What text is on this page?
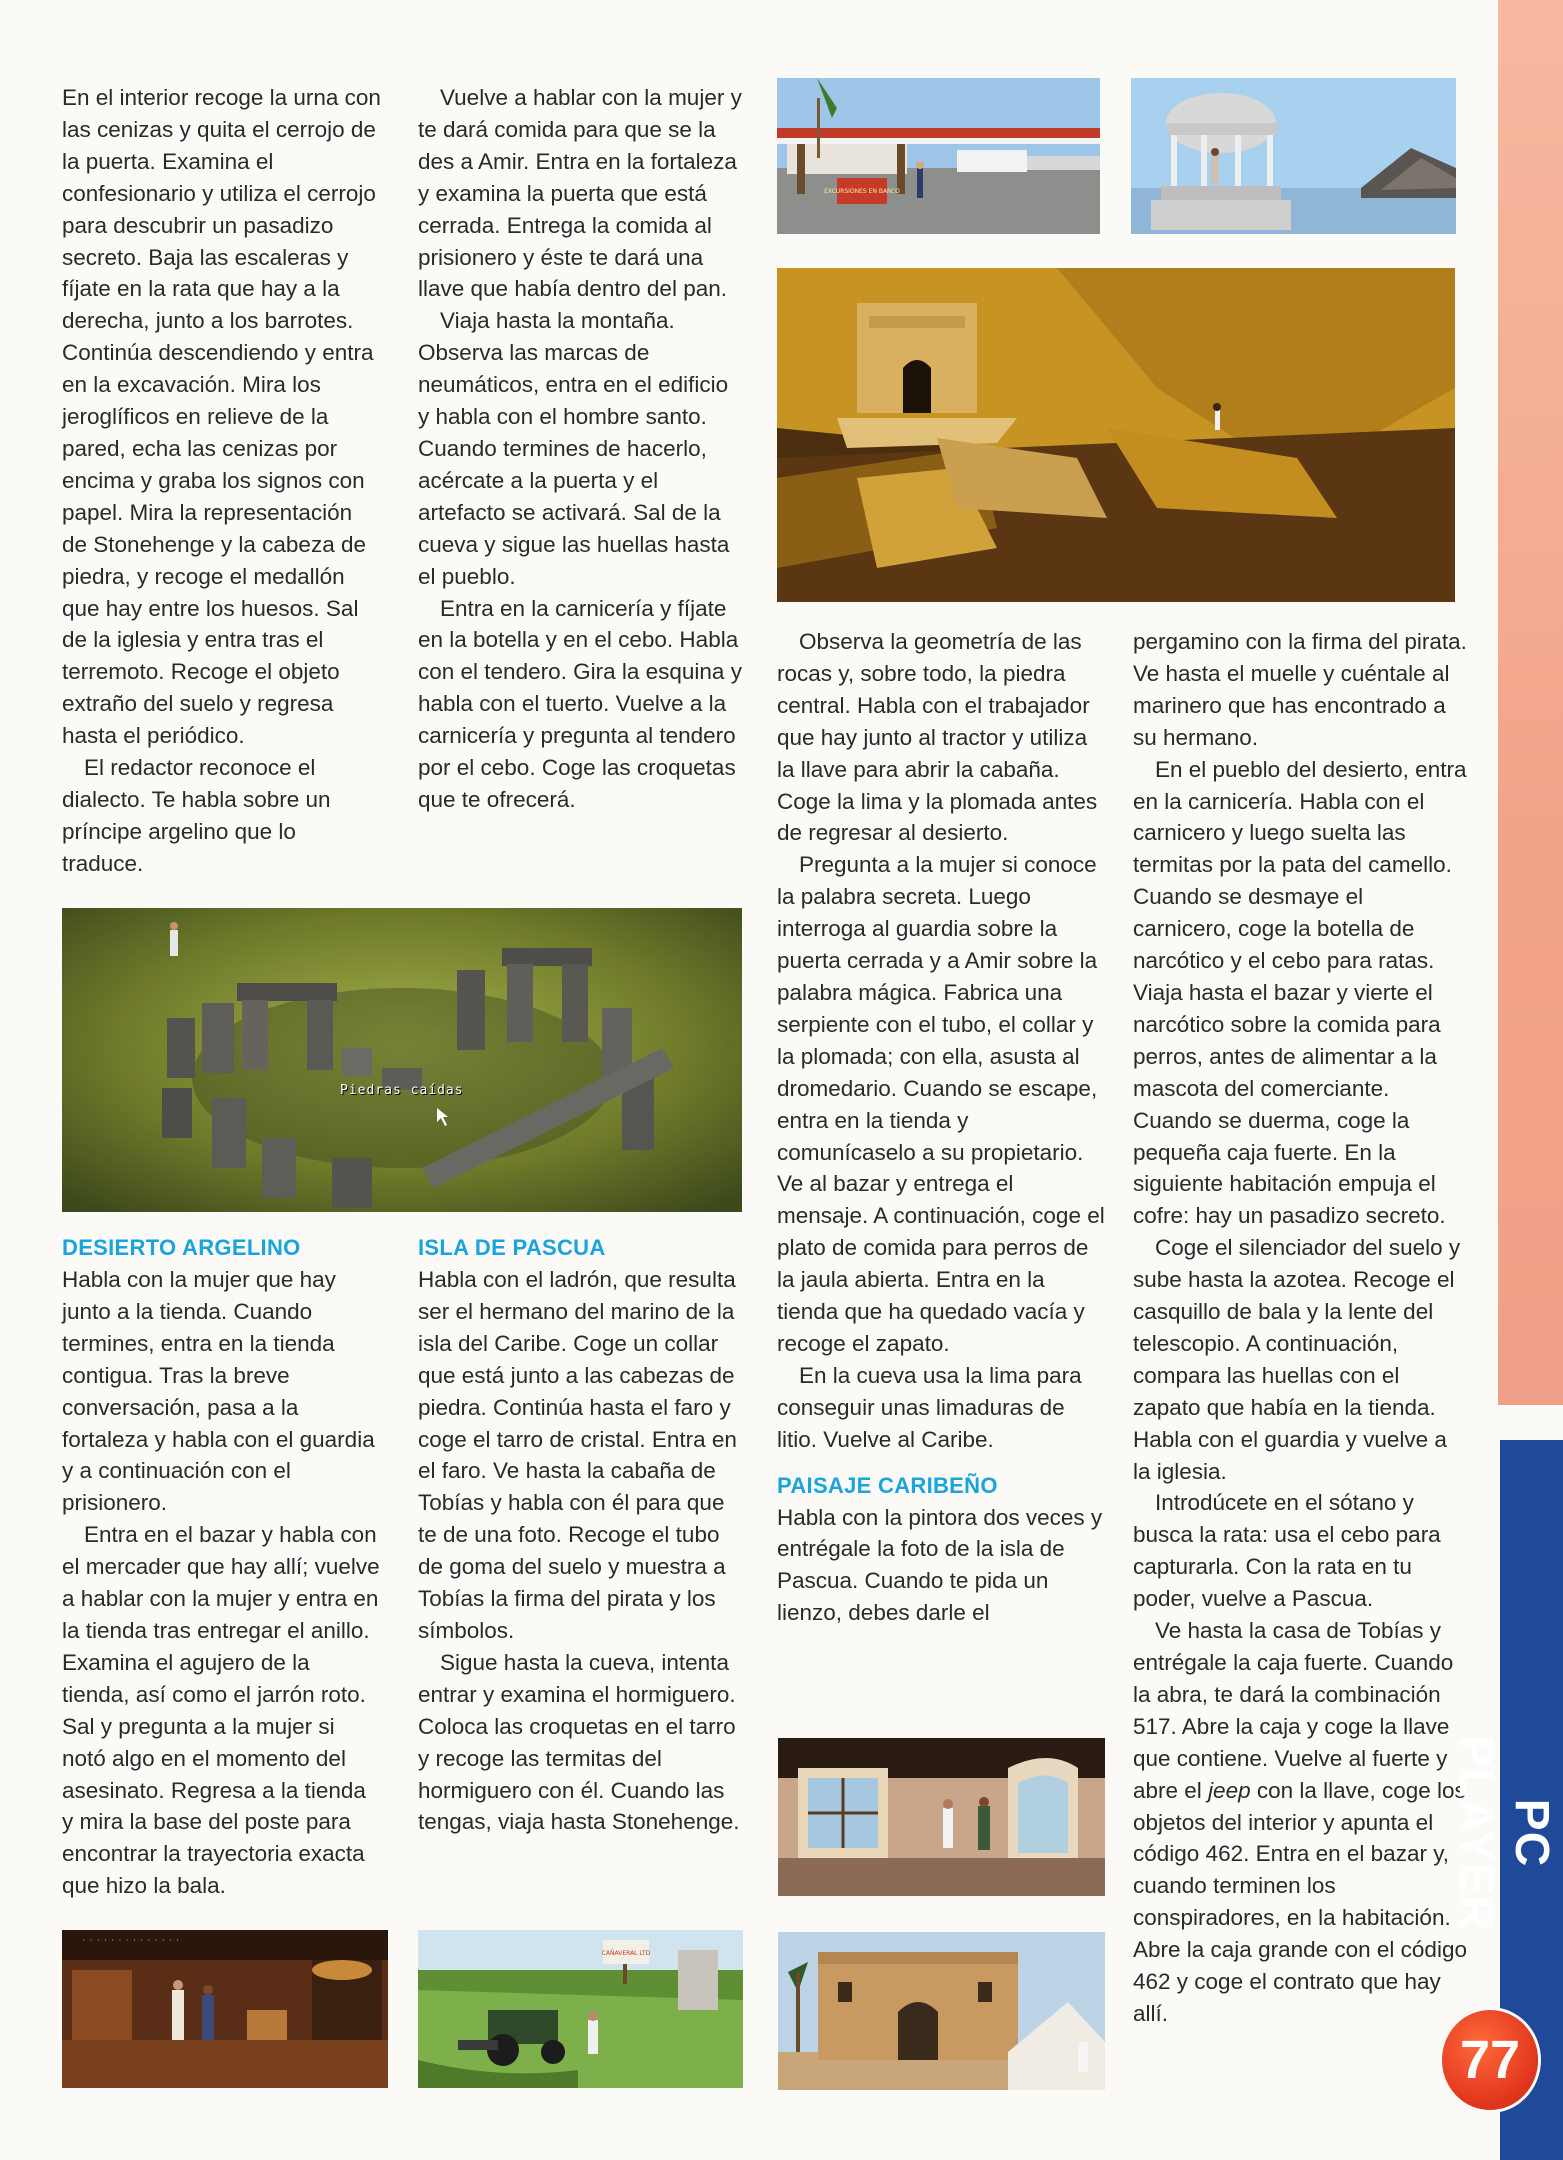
En el interior recoge la urna con las cenizas y quita el cerrojo de la puerta. Examina el confesionario y utiliza el cerrojo para descubrir un pasadizo secreto. Baja las escaleras y fíjate en la rata que hay a la derecha, junto a los barrotes. Continúa descendiendo y entra en la excavación. Mira los jeroglíficos en relieve de la pared, echa las cenizas por encima y graba los signos con papel. Mira la representación de Stonehenge y la cabeza de piedra, y recoge el medallón que hay entre los huesos. Sal de la iglesia y entra tras el terremoto. Recoge el objeto extraño del suelo y regresa hasta el periódico.

El redactor reconoce el dialecto. Te habla sobre un príncipe argelino que lo traduce.

Vuelve a hablar con la mujer y te dará comida para que se la des a Amir. Entra en la fortaleza y examina la puerta que está cerrada. Entrega la comida al prisionero y éste te dará una llave que había dentro del pan.

Viaja hasta la montaña. Observa las marcas de neumáticos, entra en el edificio y habla con el hombre santo. Cuando termines de hacerlo, acércate a la puerta y el artefacto se activará. Sal de la cueva y sigue las huellas hasta el pueblo.

Entra en la carnicería y fíjate en la botella y en el cebo. Habla con el tendero. Gira la esquina y habla con el tuerto. Vuelve a la carnicería y pregunta al tendero por el cebo. Coge las croquetas que te ofrecerá.

Observa la geometría de las rocas y, sobre todo, la piedra central. Habla con el trabajador que hay junto al tractor y utiliza la llave para abrir la cabaña. Coge la lima y la plomada antes de regresar al desierto.

Pregunta a la mujer si conoce la palabra secreta. Luego interroga al guardia sobre la puerta cerrada y a Amir sobre la palabra mágica. Fabrica una serpiente con el tubo, el collar y la plomada; con ella, asusta al dromedario. Cuando se escape, entra en la tienda y comunícaselo a su propietario. Ve al bazar y entrega el mensaje. A continuación, coge el plato de comida para perros de la jaula abierta. Entra en la tienda que ha quedado vacía y recoge el zapato.

En la cueva usa la lima para conseguir unas limaduras de litio. Vuelve al Caribe.

PAISAJE CARIBEÑO

Habla con la pintora dos veces y entrégale la foto de la isla de Pascua. Cuando te pida un lienzo, debes darle el

pergamino con la firma del pirata. Ve hasta el muelle y cuéntale al marinero que has encontrado a su hermano.

En el pueblo del desierto, entra en la carnicería. Habla con el carnicero y luego suelta las termitas por la pata del camello. Cuando se desmaye el carnicero, coge la botella de narcótico y el cebo para ratas. Viaja hasta el bazar y vierte el narcótico sobre la comida para perros, antes de alimentar a la mascota del comerciante. Cuando se duerma, coge la pequeña caja fuerte. En la siguiente habitación empuja el cofre: hay un pasadizo secreto.

Coge el silenciador del suelo y sube hasta la azotea. Recoge el casquillo de bala y la lente del telescopio. A continuación, compara las huellas con el zapato que había en la tienda. Habla con el guardia y vuelve a la iglesia.

Introdúcete en el sótano y busca la rata: usa el cebo para capturarla. Con la rata en tu poder, vuelve a Pascua.

Ve hasta la casa de Tobías y entrégale la caja fuerte. Cuando la abra, te dará la combinación 517. Abre la caja y coge la llave que contiene. Vuelve al fuerte y abre el jeep con la llave, coge los objetos del interior y apunta el código 462. Entra en el bazar y, cuando terminen los conspiradores, en la habitación. Abre la caja grande con el código 462 y coge el contrato que hay allí.

DESIERTO ARGELINO

Habla con la mujer que hay junto a la tienda. Cuando termines, entra en la tienda contigua. Tras la breve conversación, pasa a la fortaleza y habla con el guardia y a continuación con el prisionero.

Entra en el bazar y habla con el mercader que hay allí; vuelve a hablar con la mujer y entra en la tienda tras entregar el anillo. Examina el agujero de la tienda, así como el jarrón roto. Sal y pregunta a la mujer si notó algo en el momento del asesinato. Regresa a la tienda y mira la base del poste para encontrar la trayectoria exacta que hizo la bala.

ISLA DE PASCUA

Habla con el ladrón, que resulta ser el hermano del marino de la isla del Caribe. Coge un collar que está junto a las cabezas de piedra. Continúa hasta el faro y coge el tarro de cristal. Entra en el faro. Ve hasta la cabaña de Tobías y habla con él para que te de una foto. Recoge el tubo de goma del suelo y muestra a Tobías la firma del pirata y los símbolos.

Sigue hasta la cueva, intenta entrar y examina el hormiguero. Coloca las croquetas en el tarro y recoge las termitas del hormiguero con él. Cuando las tengas, viaja hasta Stonehenge.

EXCURSIONES EN BARCO
Piedras caídas
· · · · · · · · · · · · · ·
CAÑAVERAL LTD
PC PLAYER
77
